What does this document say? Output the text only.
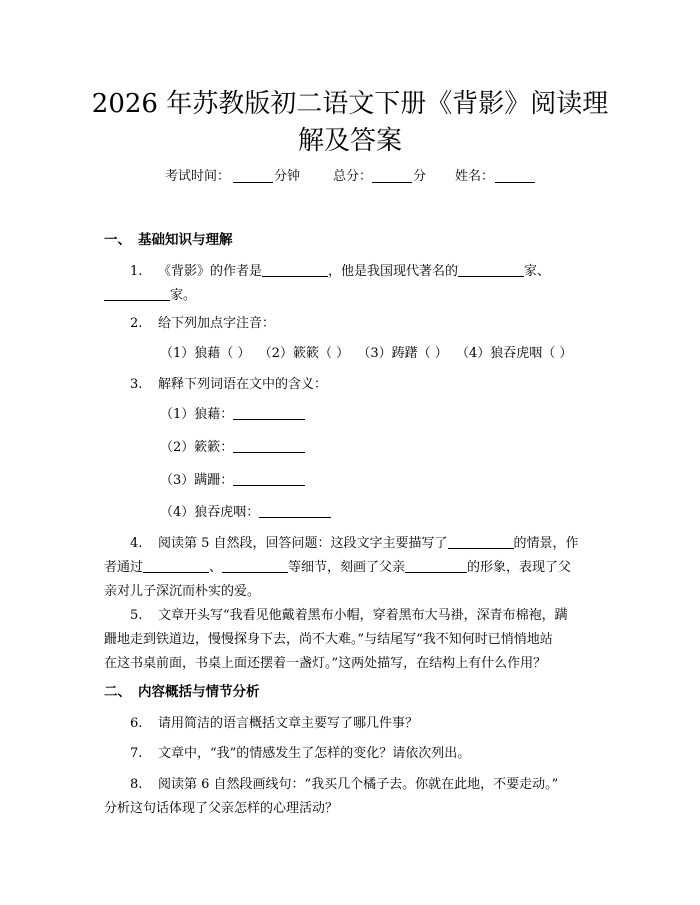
2026 年苏教版初二语文下册《背影》阅读理
解及答案
考试时间：	分钟	总分：	分 姓名：
一、 基础知识与理解
1. 《背影》的作者是	，他是我国现代著名的	家、
家。
2. 给下列加点字注音：
（1）狼藉（ ）  （2）簌簌（ ）  （3）踌躇（ ）  （4）狼吞虎咽（ ）
3. 解释下列词语在文中的含义：
（1）狼藉：
（2）簌簌：
（3）蹒跚：
（4）狼吞虎咽：
4. 阅读第 5 自然段，回答问题：这段文字主要描写了	的情景，作
者通过	、	等细节，刻画了父亲	的形象，表现了父
亲对儿子深沉而朴实的爱。
5. 文章开头写“我看见他戴着黑布小帽，穿着黑布大马褂，深青布棉袍，蹒
跚地走到铁道边，慢慢探身下去，尚不大难。”与结尾写“我不知何时已悄悄地站
在这书桌前面，书桌上面还摆着一盏灯。”这两处描写，在结构上有什么作用？
二、 内容概括与情节分析
6. 请用简洁的语言概括文章主要写了哪几件事？
7. 文章中，“我”的情感发生了怎样的变化？请依次列出。
8. 阅读第 6 自然段画线句：“我买几个橘子去。你就在此地，不要走动。”
分析这句话体现了父亲怎样的心理活动？
